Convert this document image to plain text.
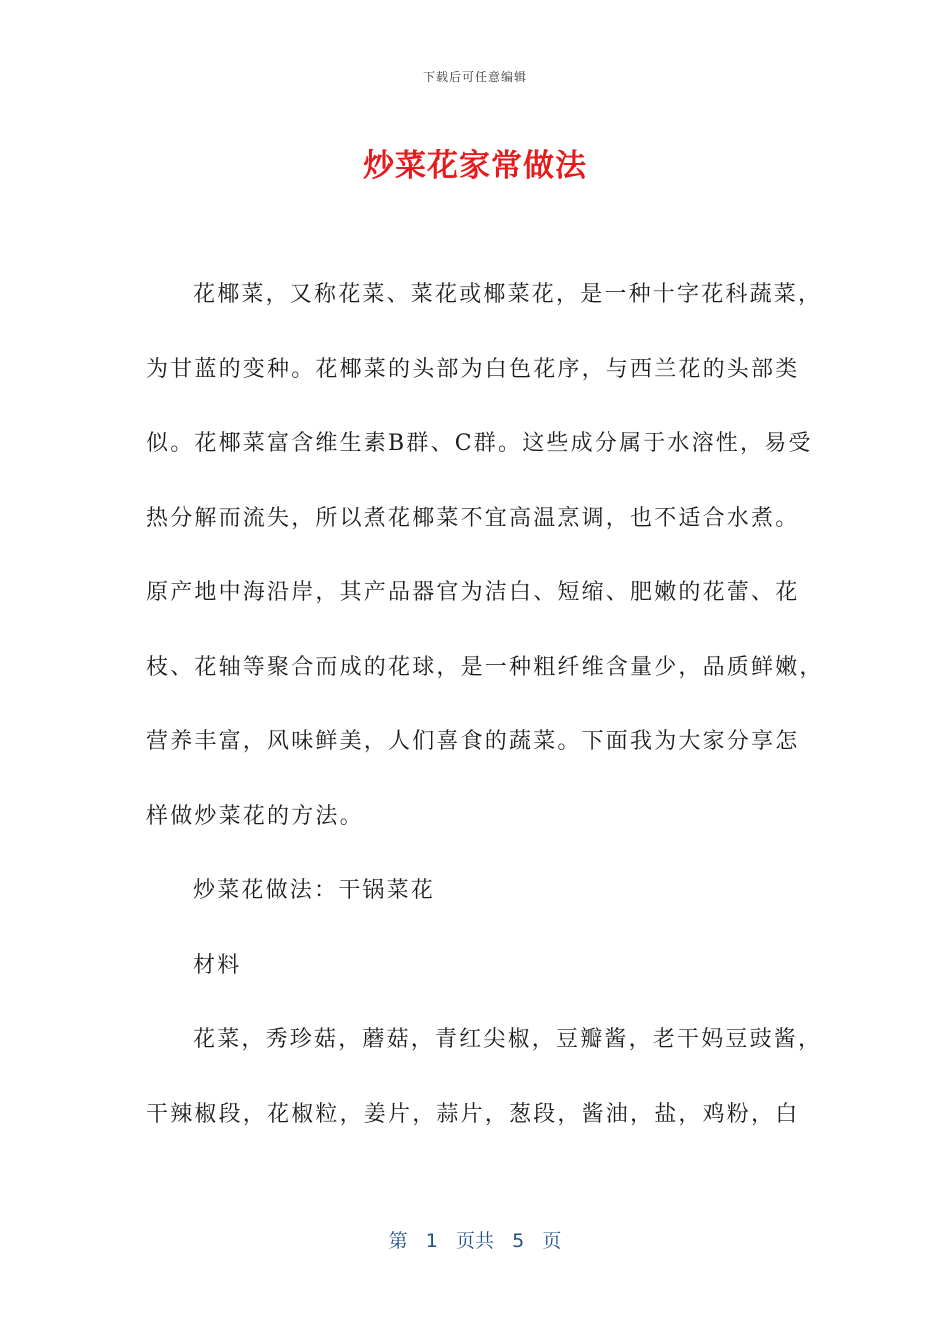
下载后可任意编辑
炒菜花家常做法
花椰菜，又称花菜、菜花或椰菜花，是一种十字花科蔬菜，
为甘蓝的变种。花椰菜的头部为白色花序，与西兰花的头部类
似。花椰菜富含维生素B群、C群。这些成分属于水溶性，易受
热分解而流失，所以煮花椰菜不宜高温烹调，也不适合水煮。
原产地中海沿岸，其产品器官为洁白、短缩、肥嫩的花蕾、花
枝、花轴等聚合而成的花球，是一种粗纤维含量少，品质鲜嫩，
营养丰富，风味鲜美，人们喜食的蔬菜。下面我为大家分享怎
样做炒菜花的方法。
炒菜花做法：干锅菜花
材料
花菜，秀珍菇，蘑菇，青红尖椒，豆瓣酱，老干妈豆豉酱，
干辣椒段，花椒粒，姜片，蒜片，葱段，酱油，盐，鸡粉，白
第 1 页共 5 页
